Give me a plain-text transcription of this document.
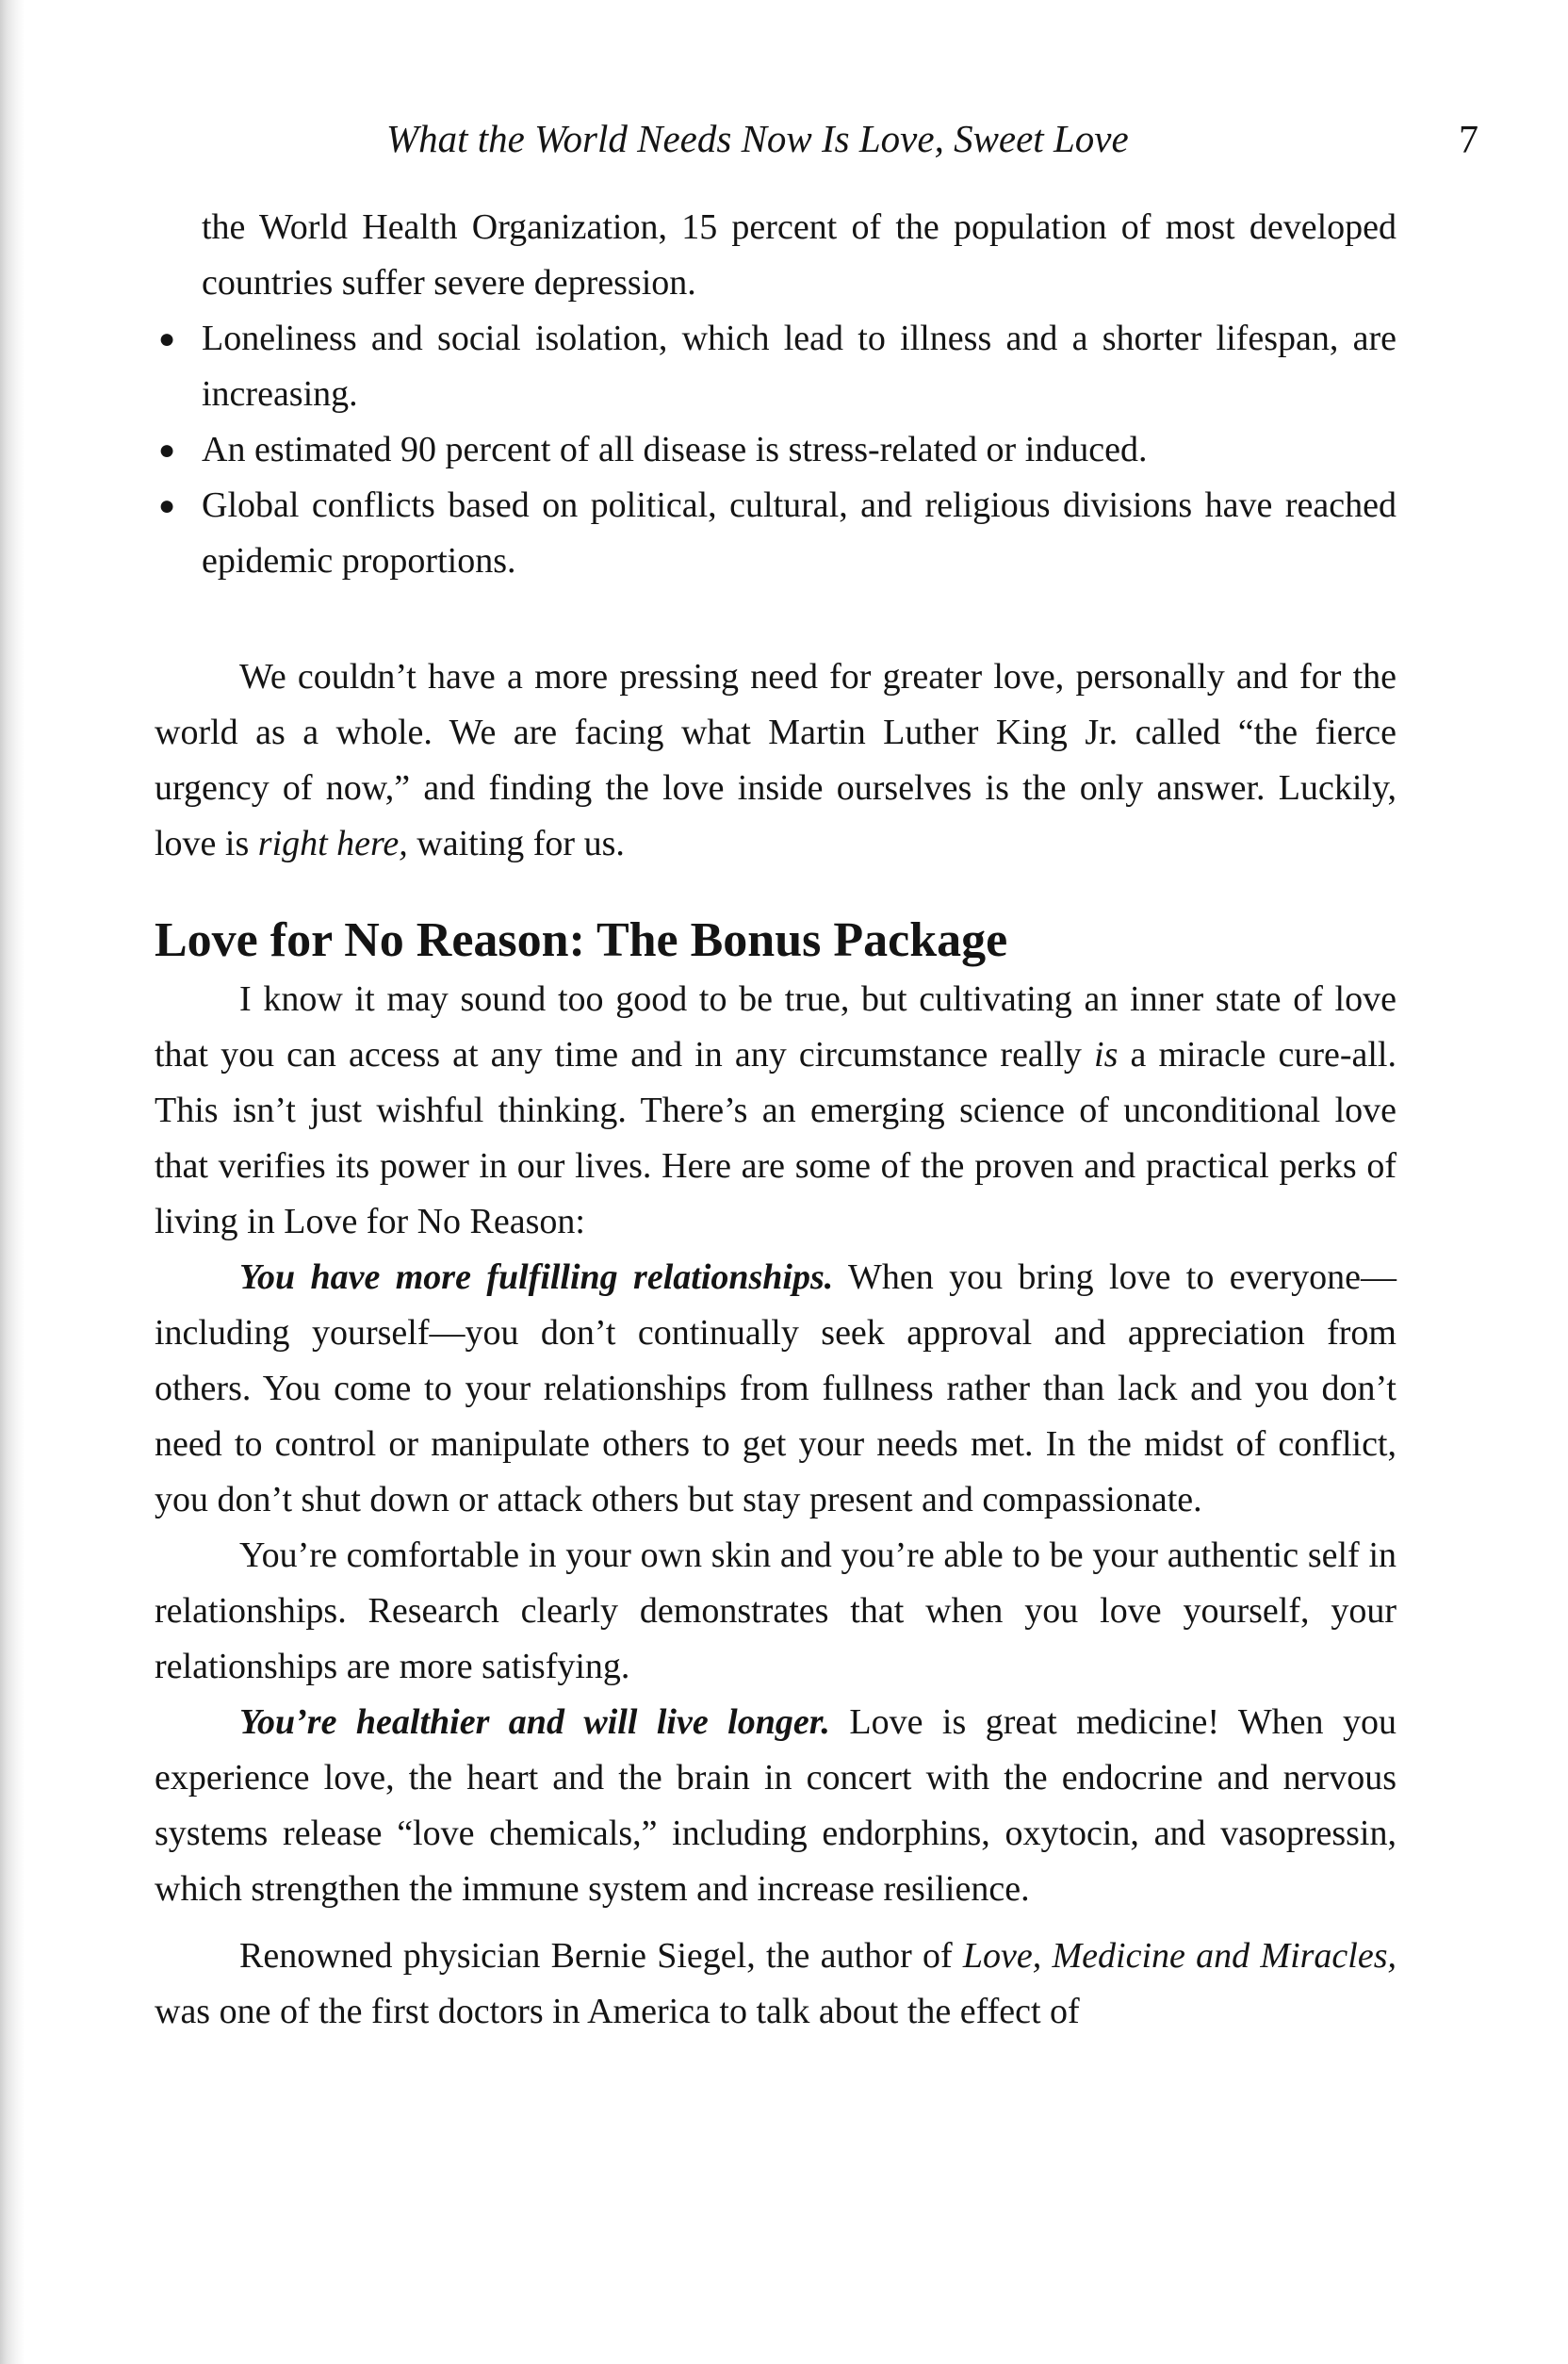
What the World Needs Now Is Love, Sweet Love	7

the World Health Organization, 15 percent of the population of most developed countries suffer severe depression.

● Loneliness and social isolation, which lead to illness and a shorter lifespan, are increasing.
● An estimated 90 percent of all disease is stress-related or induced.
● Global conflicts based on political, cultural, and religious divisions have reached epidemic proportions.

We couldn’t have a more pressing need for greater love, personally and for the world as a whole. We are facing what Martin Luther King Jr. called “the fierce urgency of now,” and finding the love inside ourselves is the only answer. Luckily, love is right here, waiting for us.

Love for No Reason: The Bonus Package

I know it may sound too good to be true, but cultivating an inner state of love that you can access at any time and in any circumstance really is a miracle cure-all. This isn’t just wishful thinking. There’s an emerging science of unconditional love that verifies its power in our lives. Here are some of the proven and practical perks of living in Love for No Reason:

You have more fulfilling relationships. When you bring love to everyone—including yourself—you don’t continually seek approval and appreciation from others. You come to your relationships from fullness rather than lack and you don’t need to control or manipulate others to get your needs met. In the midst of conflict, you don’t shut down or attack others but stay present and compassionate.

You’re comfortable in your own skin and you’re able to be your authentic self in relationships. Research clearly demonstrates that when you love yourself, your relationships are more satisfying.

You’re healthier and will live longer. Love is great medicine! When you experience love, the heart and the brain in concert with the endocrine and nervous systems release “love chemicals,” including endorphins, oxytocin, and vasopressin, which strengthen the immune system and increase resilience.

Renowned physician Bernie Siegel, the author of Love, Medicine and Miracles, was one of the first doctors in America to talk about the effect of
